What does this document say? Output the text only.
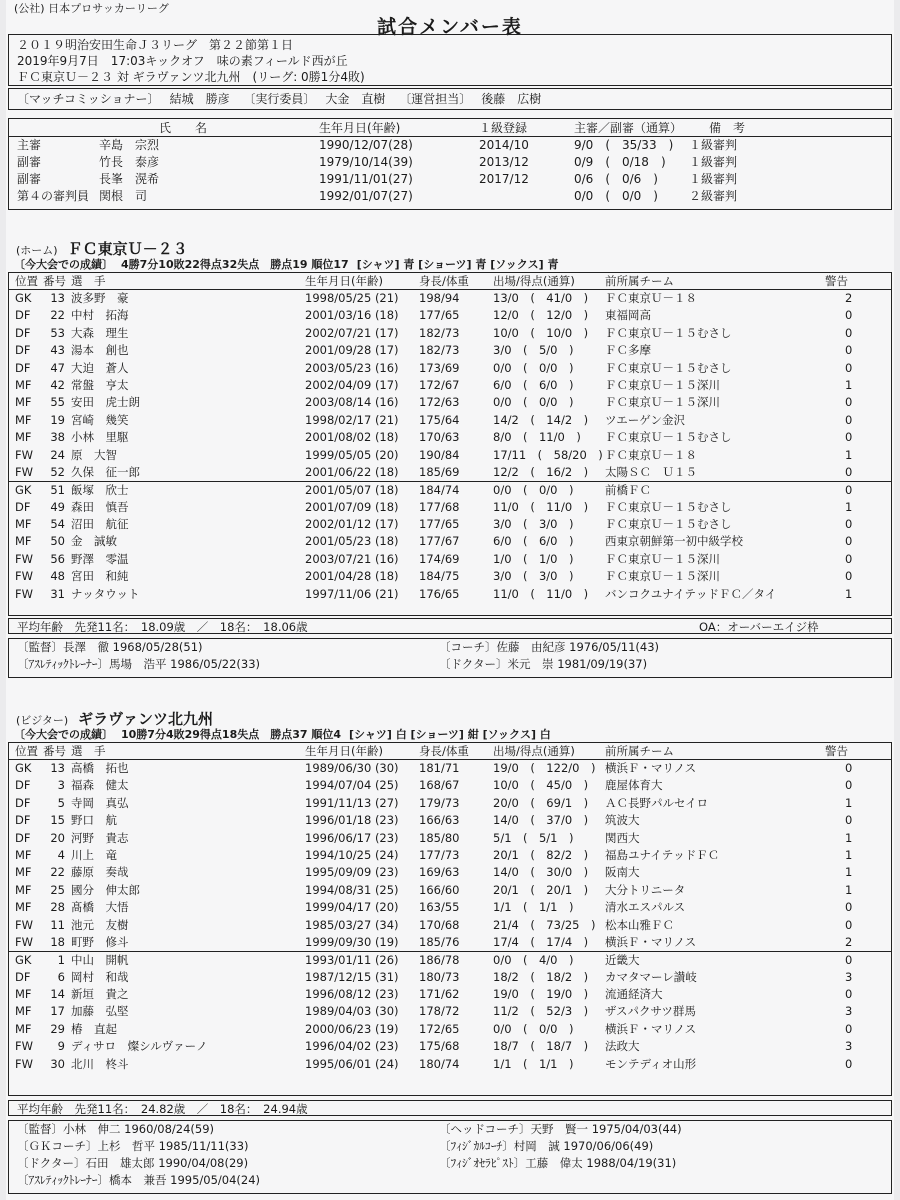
(公社) 日本プロサッカーリーグ
試合メンバー表
２０１９明治安田生命Ｊ３リーグ　第２２節第１日
2019年9月7日　17:03キックオフ　味の素フィールド西が丘
ＦＣ東京Ｕ－２３ 対 ギラヴァンツ北九州　(リーグ: 0勝1分4敗)
〔マッチコミッショナー〕 結城　勝彦 〔実行委員〕 大金　直樹 〔運営担当〕 後藤　広樹
氏　　名	生年月日(年齢)	１級登録	主審／副審（通算） 備　考
主審	辛島　宗烈	1990/12/07(28)	2014/10	9/0　(　35/33　) １級審判
副審	竹長　泰彦	1979/10/14(39)	2013/12	0/9　(　0/18　) １級審判
副審	長峯　滉希	1991/11/01(27)	2017/12	0/6　(　0/6　)	１級審判
第４の審判員 関根　司	1992/01/07(27)	0/0　(　0/0　)	２級審判
(ホーム) ＦＣ東京Ｕ－２３
〔今大会での成績〕 4勝7分10敗22得点32失点　勝点19 順位17 [シャツ] 青 [ショーツ] 青 [ソックス] 青
位置 番号 選　手	生年月日(年齢)	身長/体重 出場/得点(通算)	前所属チーム	警告
GK	13 波多野　豪	1998/05/25 (21) 198/94	13/0　(　41/0　) ＦＣ東京Ｕ－１８	2
DF	22 中村　拓海	2001/03/16 (18) 177/65	12/0　(　12/0　) 東福岡高	0
DF	53 大森　理生	2002/07/21 (17) 182/73	10/0　(　10/0　) ＦＣ東京Ｕ－１５むさし	0
DF	43 湯本　創也	2001/09/28 (17) 182/73	3/0　(　5/0　)	ＦＣ多摩	0
DF	47 大迫　蒼人	2003/05/23 (16) 173/69	0/0　(　0/0　)	ＦＣ東京Ｕ－１５むさし	0
MF	42 常盤　亨太	2002/04/09 (17) 172/67	6/0　(　6/0　)	ＦＣ東京Ｕ－１５深川	1
MF	55 安田　虎士朗	2003/08/14 (16) 172/63	0/0　(　0/0　)	ＦＣ東京Ｕ－１５深川	0
MF	19 宮崎　幾笑	1998/02/17 (21) 175/64	14/2　(　14/2　) ツエーゲン金沢	0
MF	38 小林　里駆	2001/08/02 (18) 170/63	8/0　(　11/0　) ＦＣ東京Ｕ－１５むさし	0
FW	24 原　大智	1999/05/05 (20) 190/84	17/11　(　58/20　) ＦＣ東京Ｕ－１８	1
FW	52 久保　征一郎	2001/06/22 (18) 185/69	12/2　(　16/2　) 太陽ＳＣ　Ｕ１５	0
GK	51 飯塚　欣士	2001/05/07 (18) 184/74	0/0　(　0/0　)	前橋ＦＣ	0
DF	49 森田　慎吾	2001/07/09 (18) 177/68	11/0　(　11/0　) ＦＣ東京Ｕ－１５むさし	1
MF	54 沼田　航征	2002/01/12 (17) 177/65	3/0　(　3/0　)	ＦＣ東京Ｕ－１５むさし	0
MF	50 金　誠敏	2001/05/23 (18) 177/67	6/0　(　6/0　)	西東京朝鮮第一初中級学校	0
FW	56 野澤　零温	2003/07/21 (16) 174/69	1/0　(　1/0　)	ＦＣ東京Ｕ－１５深川	0
FW	48 宮田　和純	2001/04/28 (18) 184/75	3/0　(　3/0　)	ＦＣ東京Ｕ－１５深川	0
FW	31 ナッタウット	1997/11/06 (21) 176/65	11/0　(　11/0　) バンコクユナイテッドＦＣ／タイ	1
平均年齢　先発11名：　18.09歳　／　18名：　18.06歳	OA：オーバーエイジ枠
〔監督〕長澤　徹 1968/05/28(51)	〔コーチ〕佐藤　由紀彦 1976/05/11(43)
〔ｱｽﾚﾃｨｯｸﾄﾚｰﾅｰ〕馬場　浩平 1986/05/22(33)	〔ドクター〕米元　崇 1981/09/19(37)
(ビジター) ギラヴァンツ北九州
〔今大会での成績〕 10勝7分4敗29得点18失点　勝点37 順位4 [シャツ] 白 [ショーツ] 紺 [ソックス] 白
位置 番号 選　手	生年月日(年齢)	身長/体重 出場/得点(通算)	前所属チーム	警告
GK	13 高橋　拓也	1989/06/30 (30) 181/71	19/0　(　122/0　) 横浜Ｆ・マリノス	0
DF	3 福森　健太	1994/07/04 (25) 168/67	10/0　(　45/0　) 鹿屋体育大	0
DF	5 寺岡　真弘	1991/11/13 (27) 179/73	20/0　(　69/1　) ＡＣ長野パルセイロ	1
DF	15 野口　航	1996/01/18 (23) 166/63	14/0　(　37/0　) 筑波大	0
DF	20 河野　貴志	1996/06/17 (23) 185/80	5/1　(　5/1　)	関西大	1
MF	4 川上　竜	1994/10/25 (24) 177/73	20/1　(　82/2　) 福島ユナイテッドＦＣ	1
MF	22 藤原　奏哉	1995/09/09 (23) 169/63	14/0　(　30/0　) 阪南大	1
MF	25 國分　伸太郎	1994/08/31 (25) 166/60	20/1　(　20/1　) 大分トリニータ	1
MF	28 髙橋　大悟	1999/04/17 (20) 163/55	1/1　(　1/1　)	清水エスパルス	0
FW	11 池元　友樹	1985/03/27 (34) 170/68	21/4　(　73/25　) 松本山雅ＦＣ	0
FW	18 町野　修斗	1999/09/30 (19) 185/76	17/4　(　17/4　) 横浜Ｆ・マリノス	2
GK	1 中山　開帆	1993/01/11 (26) 186/78	0/0　(　4/0　)	近畿大	0
DF	6 岡村　和哉	1987/12/15 (31) 180/73	18/2　(　18/2　) カマタマーレ讃岐	3
MF	14 新垣　貴之	1996/08/12 (23) 171/62	19/0　(　19/0　) 流通経済大	0
MF	17 加藤　弘堅	1989/04/03 (30) 178/72	11/2　(　52/3　) ザスパクサツ群馬	3
MF	29 椿　直起	2000/06/23 (19) 172/65	0/0　(　0/0　)	横浜Ｆ・マリノス	0
FW	9 ディサロ　燦シルヴァーノ	1996/04/02 (23) 175/68	18/7　(　18/7　) 法政大	3
FW	30 北川　柊斗	1995/06/01 (24) 180/74	1/1　(　1/1　)	モンテディオ山形	0
平均年齢　先発11名：　24.82歳　／　18名：　24.94歳
〔監督〕小林　伸二 1960/08/24(59)	〔ヘッドコーチ〕天野　賢一 1975/04/03(44)
〔ＧＫコーチ〕上杉　哲平 1985/11/11(33)	〔ﾌｨｼﾞｶﾙｺｰﾁ〕村岡　誠 1970/06/06(49)
〔ドクター〕石田　雄太郎 1990/04/08(29)	〔ﾌｨｼﾞｵｾﾗﾋﾟｽﾄ〕工藤　偉太 1988/04/19(31)
〔ｱｽﾚﾃｨｯｸﾄﾚｰﾅｰ〕橋本　兼吾 1995/05/04(24)
